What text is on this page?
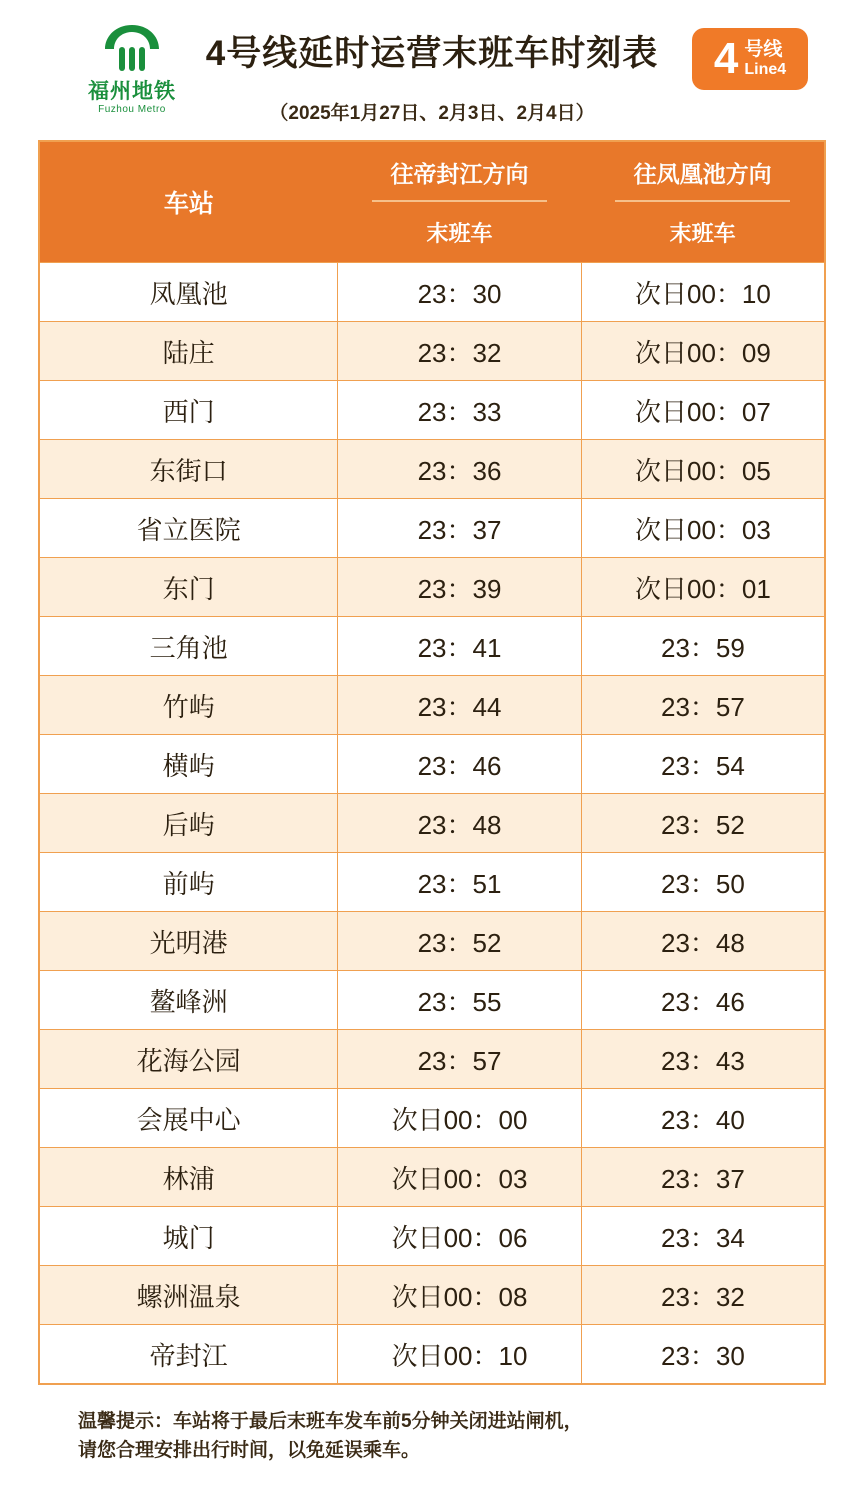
福州地铁
Fuzhou Metro
4号线延时运营末班车时刻表
（2025年1月27日、2月3日、2月4日）
4 号线
Line4
车站	往帝封江方向	往凤凰池方向

	末班车	末班车
凤凰池	23：30	次日00：10
陆庄	23：32	次日00：09
西门	23：33	次日00：07
东街口	23：36	次日00：05
省立医院	23：37	次日00：03
东门	23：39	次日00：01
三角池	23：41	23：59
竹屿	23：44	23：57
横屿	23：46	23：54
后屿	23：48	23：52
前屿	23：51	23：50
光明港	23：52	23：48
鳌峰洲	23：55	23：46
花海公园	23：57	23：43
会展中心	次日00：00	23：40
林浦	次日00：03	23：37
城门	次日00：06	23：34
螺洲温泉	次日00：08	23：32
帝封江	次日00：10	23：30
温馨提示：车站将于最后末班车发车前5分钟关闭进站闸机，
请您合理安排出行时间，以免延误乘车。
